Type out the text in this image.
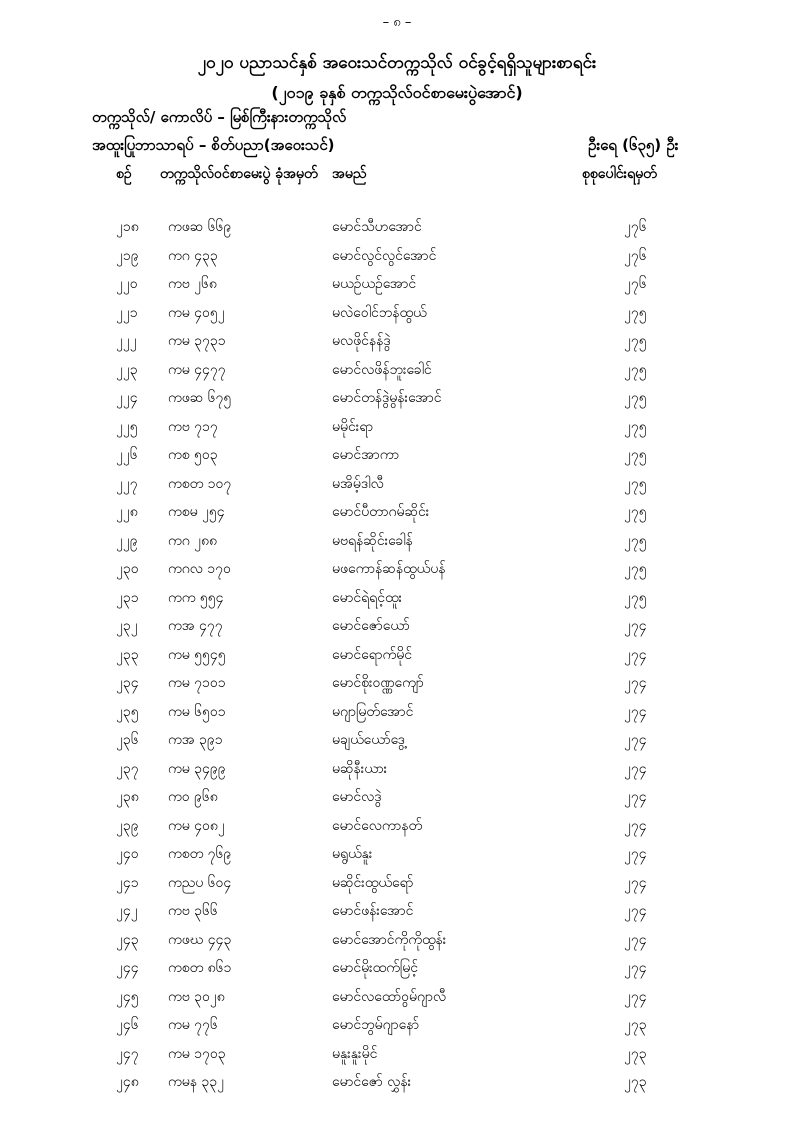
– ၈ –
၂၀၂၀ ပညာသင်နှစ် အဝေးသင်တက္ကသိုလ် ဝင်ခွင့်ရရှိသူများစာရင်း
(၂၀၁၉ ခုနှစ် တက္ကသိုလ်ဝင်စာမေးပွဲအောင်)
တက္ကသိုလ်/ ကောလိပ် – မြစ်ကြီးနားတက္ကသိုလ်
အထူးပြုဘာသာရပ် – စိတ်ပညာ(အဝေးသင်)	ဦးရေ (၆၃၅) ဦး
စဉ် တက္ကသိုလ်ဝင်စာမေးပွဲ ခုံအမှတ်	အမည်	စုစုပေါင်းရမှတ်
၂၁၈ ကဖဆ ၆၆၉	မောင်သီဟအောင်	၂၇၆
၂၁၉ ကဂ ၄၃၃	မောင်လွင်လွင်အောင်	၂၇၆
၂၂၀ ကဗ ၂၆၈	မယဉ်ယဉ်အောင်	၂၇၆
၂၂၁ ကမ ၄၀၅၂	မလဲဝေါင်ဘန်ထွယ်	၂၇၅
၂၂၂ ကမ ၃၇၃၁	မလဖိုင်နန်ဒွဲ	၂၇၅
၂၂၃ ကမ ၄၄၇၇	မောင်လဖိန်ဘူးခေါင်	၂၇၅
၂၂၄ ကဖဆ ၆၇၅	မောင်တန်ဒွဲမွန်းအောင်	၂၇၅
၂၂၅ ကဗ ၇၁၇	မမိုင်းရာ	၂၇၅
၂၂၆ ကစ ၅၀၃	မောင်အာကာ	၂၇၅
၂၂၇ ကစတ ၁၀၇	မအိမ့်ဒါလီ	၂၇၅
၂၂၈ ကစမ ၂၅၄	မောင်ပီတာဂမ်ဆိုင်း	၂၇၅
၂၂၉ ကဂ ၂၈၈	မဗရန်ဆိုင်းခေါန်	၂၇၅
၂၃၀ ကဂလ ၁၇၀	မဖကောန်ဆန်ထွယ်ပန်	၂၇၅
၂၃၁ ကက ၅၅၄	မောင်ရဲရင့်ထူး	၂၇၅
၂၃၂ ကအ ၄၇၇	မောင်ဇော်ယော်	၂၇၄
၂၃၃ ကမ ၅၅၄၅	မောင်ရောက်မိုင်	၂၇၄
၂၃၄ ကမ ၇၁၀၁	မောင်စိုးဝဏ္ဏကျော်	၂၇၄
၂၃၅ ကမ ၆၅၀၁	မဂျာမြတ်အောင်	၂၇၄
၂၃၆ ကအ ၃၉၁	မချယ်ယော်ဒွေ့	၂၇၄
၂၃၇ ကမ ၃၄၉၉	မဆိုနီးယား	၂၇၄
၂၃၈ ကဝ ၉၆၈	မောင်လဒွဲ	၂၇၄
၂၃၉ ကမ ၄၀၈၂	မောင်လေကာနတ်	၂၇၄
၂၄၀ ကစတ ၇၆၉	မရွယ်နူး	၂၇၄
၂၄၁ ကညပ ၆၀၄	မဆိုင်းထွယ်ရော်	၂၇၄
၂၄၂ ကဗ ၃၆၆	မောင်ဖန်းအောင်	၂၇၄
၂၄၃ ကဖဃ ၄၄၃	မောင်အောင်ကိုကိုထွန်း	၂၇၄
၂၄၄ ကစတ ၈၆၁	မောင်မိုးထက်မြင့်	၂၇၄
၂၄၅ ကဗ ၃၀၂၈	မောင်လထော်ဝွမ်ဂျာလီ	၂၇၄
၂၄၆ ကမ ၇၇၆	မောင်ဘွမ်ဂျာနော်	၂၇၃
၂၄၇ ကမ ၁၇၀၃	မနူးနူးမိုင်	၂၇၃
၂၄၈ ကမန ၃၃၂	မောင်ဇော် လွှန်း	၂၇၃
